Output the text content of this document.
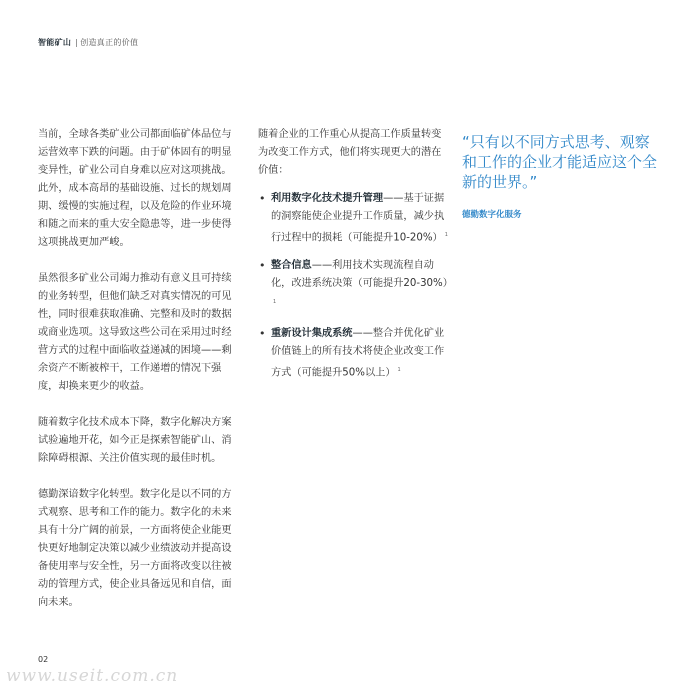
智能矿山 | 创造真正的价值

当前，全球各类矿业公司都面临矿体品位与运营效率下跌的问题。由于矿体固有的明显变异性，矿业公司自身难以应对这项挑战。此外，成本高昂的基础设施、过长的规划周期、缓慢的实施过程，以及危险的作业环境和随之而来的重大安全隐患等，进一步使得这项挑战更加严峻。

虽然很多矿业公司竭力推动有意义且可持续的业务转型，但他们缺乏对真实情况的可见性，同时很难获取准确、完整和及时的数据或商业选项。这导致这些公司在采用过时经营方式的过程中面临收益递减的困境——剩余资产不断被榨干，工作递增的情况下强度，却换来更少的收益。

随着数字化技术成本下降，数字化解决方案试验遍地开花，如今正是探索智能矿山、消除障碍根源、关注价值实现的最佳时机。

德勤深谙数字化转型。数字化是以不同的方式观察、思考和工作的能力。数字化的未来具有十分广阔的前景，一方面将使企业能更快更好地制定决策以减少业绩波动并提高设备使用率与安全性，另一方面将改变以往被动的管理方式，使企业具备远见和自信，面向未来。

随着企业的工作重心从提高工作质量转变为改变工作方式，他们将实现更大的潜在价值：

• 利用数字化技术提升管理——基于证据的洞察能使企业提升工作质量，减少执行过程中的损耗（可能提升10-20%） $^1$
• 整合信息——利用技术实现流程自动化，改进系统决策（可能提升20-30%）$^1$
• 重新设计集成系统——整合并优化矿业价值链上的所有技术将使企业改变工作方式（可能提升50%以上） $^1$
“只有以不同方式思考、观察和工作的企业才能适应这个全新的世界。”
德勤数字化服务
02
www.useit.com.cn
